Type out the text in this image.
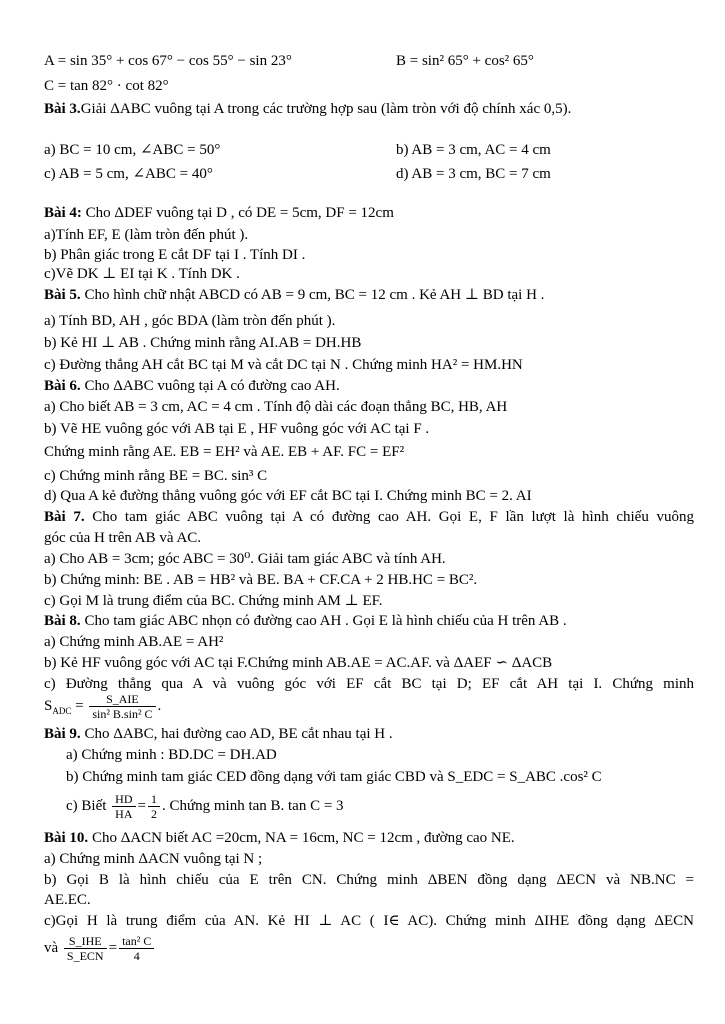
A = sin 35° + cos 67° − cos 55° − sin 23°	B = sin² 65° + cos² 65°
C = tan 82° · cot 82°
Bài 3.Giải ΔABC vuông tại A trong các trường hợp sau (làm tròn với độ chính xác 0,5).
a) BC = 10 cm, ∠ABC = 50°	b) AB = 3 cm, AC = 4 cm
c) AB = 5 cm, ∠ABC = 40°	d) AB = 3 cm, BC = 7 cm
Bài 4: Cho ΔDEF vuông tại D , có DE = 5cm, DF = 12cm
a)Tính EF, E (làm tròn đến phút ).
b) Phân giác trong E cắt DF tại I . Tính DI .
c)Vẽ DK ⊥ EI tại K . Tính DK .
Bài 5. Cho hình chữ nhật ABCD có AB = 9 cm, BC = 12 cm . Kẻ AH ⊥ BD tại H .
a) Tính BD, AH , góc BDA (làm tròn đến phút ).
b) Kẻ HI ⊥ AB . Chứng minh rằng AI.AB = DH.HB
c) Đường thẳng AH cắt BC tại M và cắt DC tại N . Chứng minh HA² = HM.HN
Bài 6. Cho ΔABC vuông tại A có đường cao AH.
a) Cho biết AB = 3 cm, AC = 4 cm . Tính độ dài các đoạn thẳng BC, HB, AH
b) Vẽ HE vuông góc với AB tại E , HF vuông góc với AC tại F .
Chứng minh rằng AE. EB = EH² và AE. EB + AF. FC = EF²
c) Chứng minh rằng BE = BC. sin³ C
d) Qua A kẻ đường thẳng vuông góc với EF cắt BC tại I. Chứng minh BC = 2. AI
Bài 7. Cho tam giác ABC vuông tại A có đường cao AH. Gọi E, F lần lượt là hình chiếu vuông
góc của H trên AB và AC.
a) Cho AB = 3cm; góc ABC = 30⁰. Giải tam giác ABC và tính AH.
b) Chứng minh: BE . AB = HB² và BE. BA + CF.CA + 2 HB.HC = BC².
c) Gọi M là trung điểm của BC. Chứng minh AM ⊥ EF.
Bài 8. Cho tam giác ABC nhọn có đường cao AH . Gọi E là hình chiếu của H trên AB .
a) Chứng minh AB.AE = AH²
b) Kẻ HF vuông góc với AC tại F.Chứng minh AB.AE = AC.AF. và ΔAEF ∽ ΔACB
c) Đường thẳng qua A và vuông góc với EF cắt BC tại D; EF cắt AH tại I. Chứng minh
$S_{ADC} = \frac{\text{S\_AIE}}{\text{sin² B.sin² C}}$ .
Bài 9. Cho ΔABC, hai đường cao AD, BE cắt nhau tại H .
a) Chứng minh : BD.DC = DH.AD
b) Chứng minh tam giác CED đồng dạng với tam giác CBD và S_EDC = S_ABC .cos² C
c) Biết $\frac{HD}{HA} = \frac{1}{2}$ . Chứng minh tan B. tan C = 3
Bài 10. Cho ΔACN biết AC =20cm, NA = 16cm, NC = 12cm , đường cao NE.
a) Chứng minh ΔACN vuông tại N ;
b) Gọi B là hình chiếu của E trên CN. Chứng minh ΔBEN đồng dạng ΔECN và NB.NC =
AE.EC.
c)Gọi H là trung điểm của AN. Kẻ HI ⊥ AC ( I∈ AC). Chứng minh ΔIHE đồng dạng ΔECN
và $\frac{\text{S\_IHE}}{\text{S\_ECN}} = \frac{\text{tan² C}}{4}$
